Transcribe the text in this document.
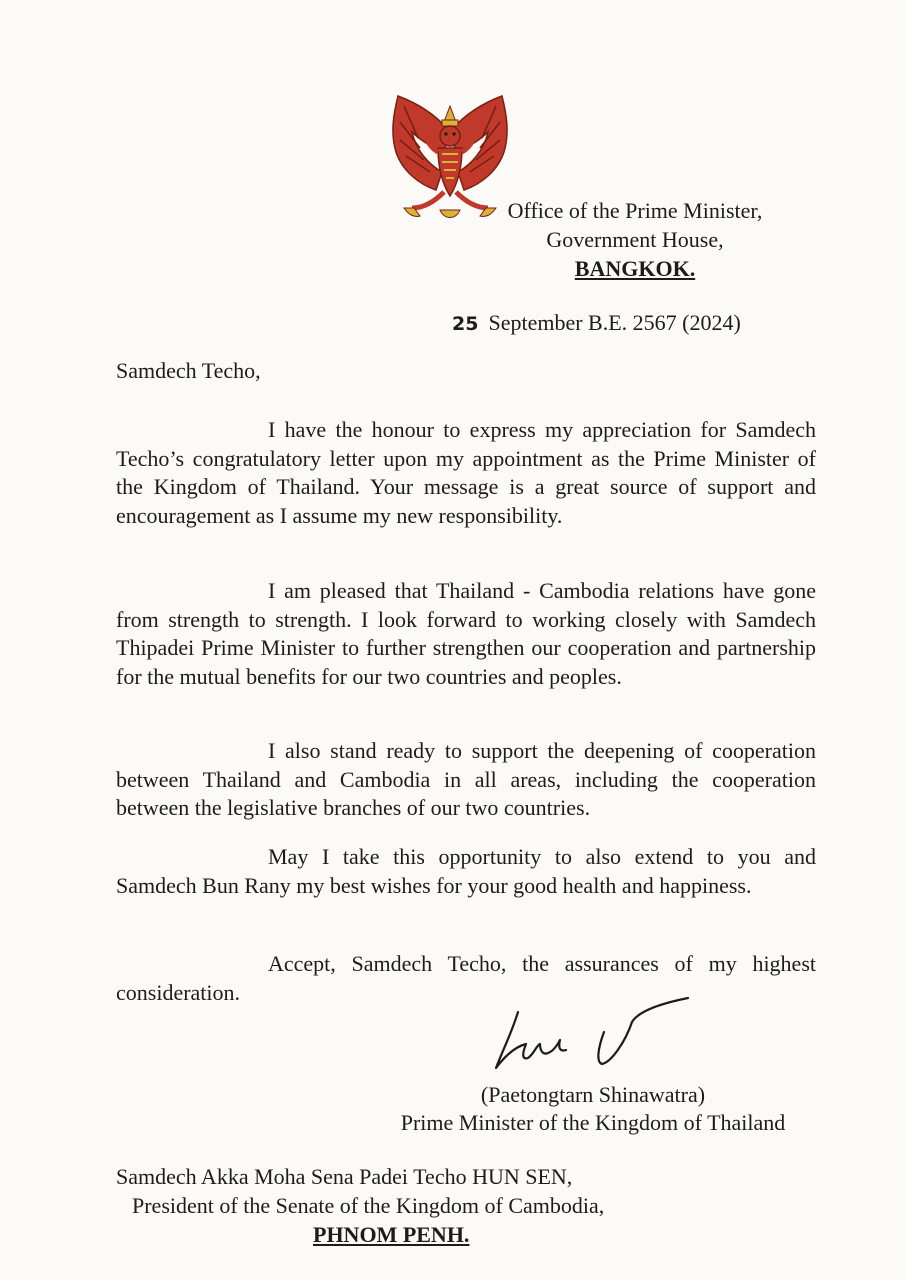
Office of the Prime Minister,
Government House,
BANGKOK.
25 September B.E. 2567 (2024)
Samdech Techo,

I have the honour to express my appreciation for Samdech Techo’s congratulatory letter upon my appointment as the Prime Minister of the Kingdom of Thailand. Your message is a great source of support and encouragement as I assume my new responsibility.

I am pleased that Thailand - Cambodia relations have gone from strength to strength. I look forward to working closely with Samdech Thipadei Prime Minister to further strengthen our cooperation and partnership for the mutual benefits for our two countries and peoples.

I also stand ready to support the deepening of cooperation between Thailand and Cambodia in all areas, including the cooperation between the legislative branches of our two countries.

May I take this opportunity to also extend to you and Samdech Bun Rany my best wishes for your good health and happiness.

Accept, Samdech Techo, the assurances of my highest consideration.

(Paetongtarn Shinawatra)
Prime Minister of the Kingdom of Thailand
Samdech Akka Moha Sena Padei Techo HUN SEN,
President of the Senate of the Kingdom of Cambodia,
PHNOM PENH.
